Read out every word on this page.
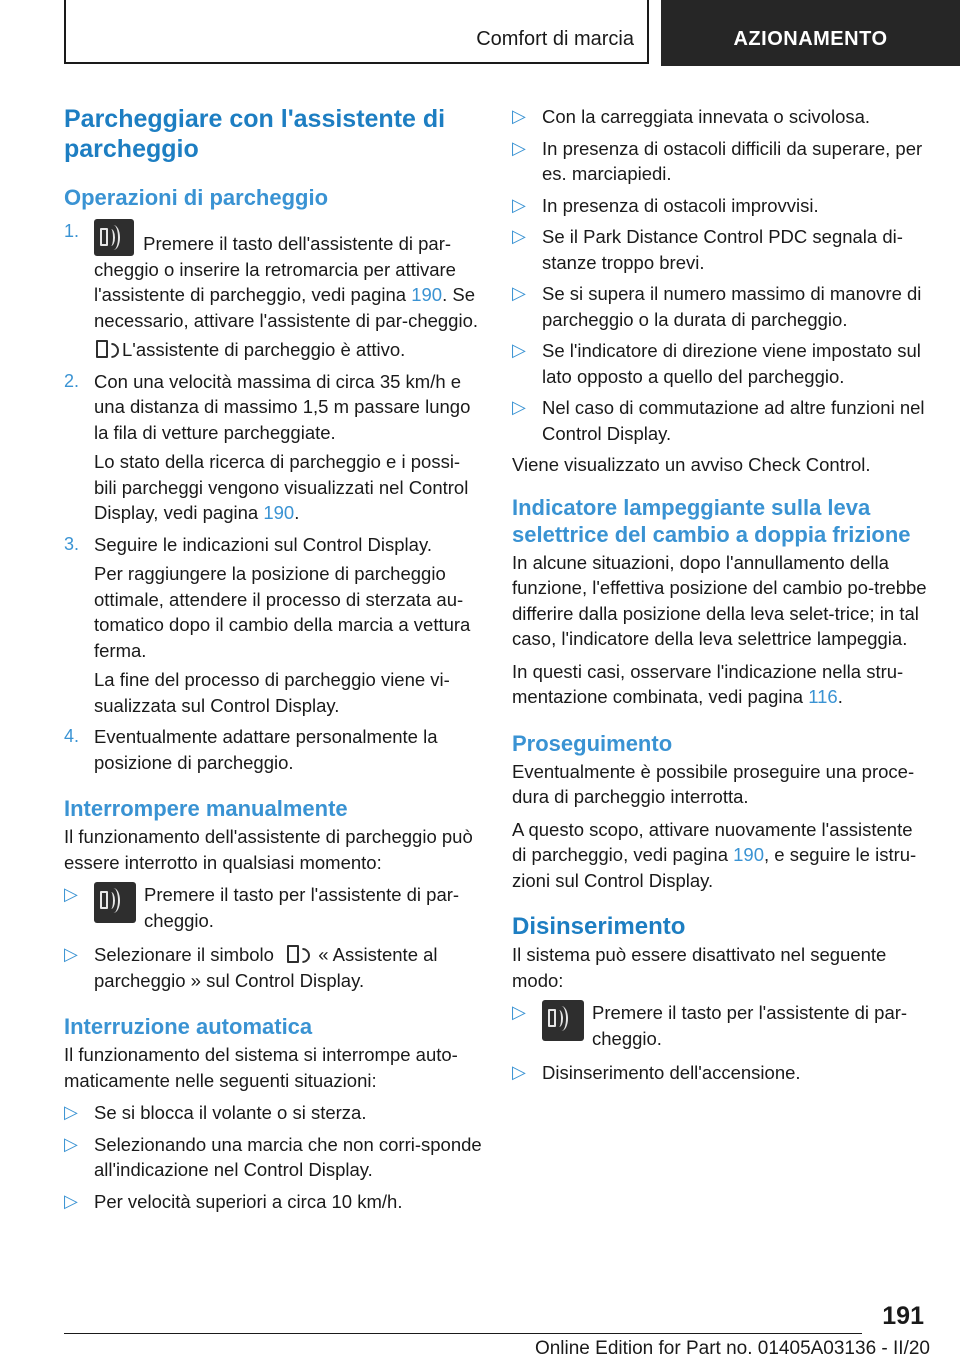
Comfort di marcia	AZIONAMENTO
Parcheggiare con l'assistente di parcheggio
Operazioni di parcheggio
1.
Premere il tasto dell'assistente di par-cheggio o inserire la retromarcia per attivare l'assistente di parcheggio, vedi pagina 190. Se necessario, attivare l'assistente di par-cheggio.

L'assistente di parcheggio è attivo.

2. Con una velocità massima di circa 35 km/h e una distanza di massimo 1,5 m passare lungo la fila di vetture parcheggiate.

Lo stato della ricerca di parcheggio e i possi-bili parcheggi vengono visualizzati nel Control Display, vedi pagina 190.

3. Seguire le indicazioni sul Control Display.

Per raggiungere la posizione di parcheggio ottimale, attendere il processo di sterzata au-tomatico dopo il cambio della marcia a vettura ferma.

La fine del processo di parcheggio viene vi-sualizzata sul Control Display.

4. Eventualmente adattare personalmente la posizione di parcheggio.
Interrompere manualmente

Il funzionamento dell'assistente di parcheggio può essere interrotto in qualsiasi momento:

▷	Premere il tasto per l'assistente di par-cheggio.
▷ Selezionare il simbolo « Assistente al parcheggio » sul Control Display.
Interruzione automatica

Il funzionamento del sistema si interrompe auto-maticamente nelle seguenti situazioni:

▷ Se si blocca il volante o si sterza.
▷ Selezionando una marcia che non corri-sponde all'indicazione nel Control Display.
▷ Per velocità superiori a circa 10 km/h.
▷ Con la carreggiata innevata o scivolosa.
▷ In presenza di ostacoli difficili da superare, per es. marciapiedi.
▷ In presenza di ostacoli improvvisi.
▷ Se il Park Distance Control PDC segnala di-stanze troppo brevi.
▷ Se si supera il numero massimo di manovre di parcheggio o la durata di parcheggio.
▷ Se l'indicatore di direzione viene impostato sul lato opposto a quello del parcheggio.
▷ Nel caso di commutazione ad altre funzioni nel Control Display.

Viene visualizzato un avviso Check Control.

Indicatore lampeggiante sulla leva selettrice del cambio a doppia frizione

In alcune situazioni, dopo l'annullamento della funzione, l'effettiva posizione del cambio po-trebbe differire dalla posizione della leva selet-trice; in tal caso, l'indicatore della leva selettrice lampeggia.

In questi casi, osservare l'indicazione nella stru-mentazione combinata, vedi pagina 116.

Proseguimento

Eventualmente è possibile proseguire una proce-dura di parcheggio interrotta.

A questo scopo, attivare nuovamente l'assistente di parcheggio, vedi pagina 190, e seguire le istru-zioni sul Control Display.

Disinserimento

Il sistema può essere disattivato nel seguente modo:

▷	Premere il tasto per l'assistente di par-cheggio.
▷ Disinserimento dell'accensione.
191
Online Edition for Part no. 01405A03136 - II/20
